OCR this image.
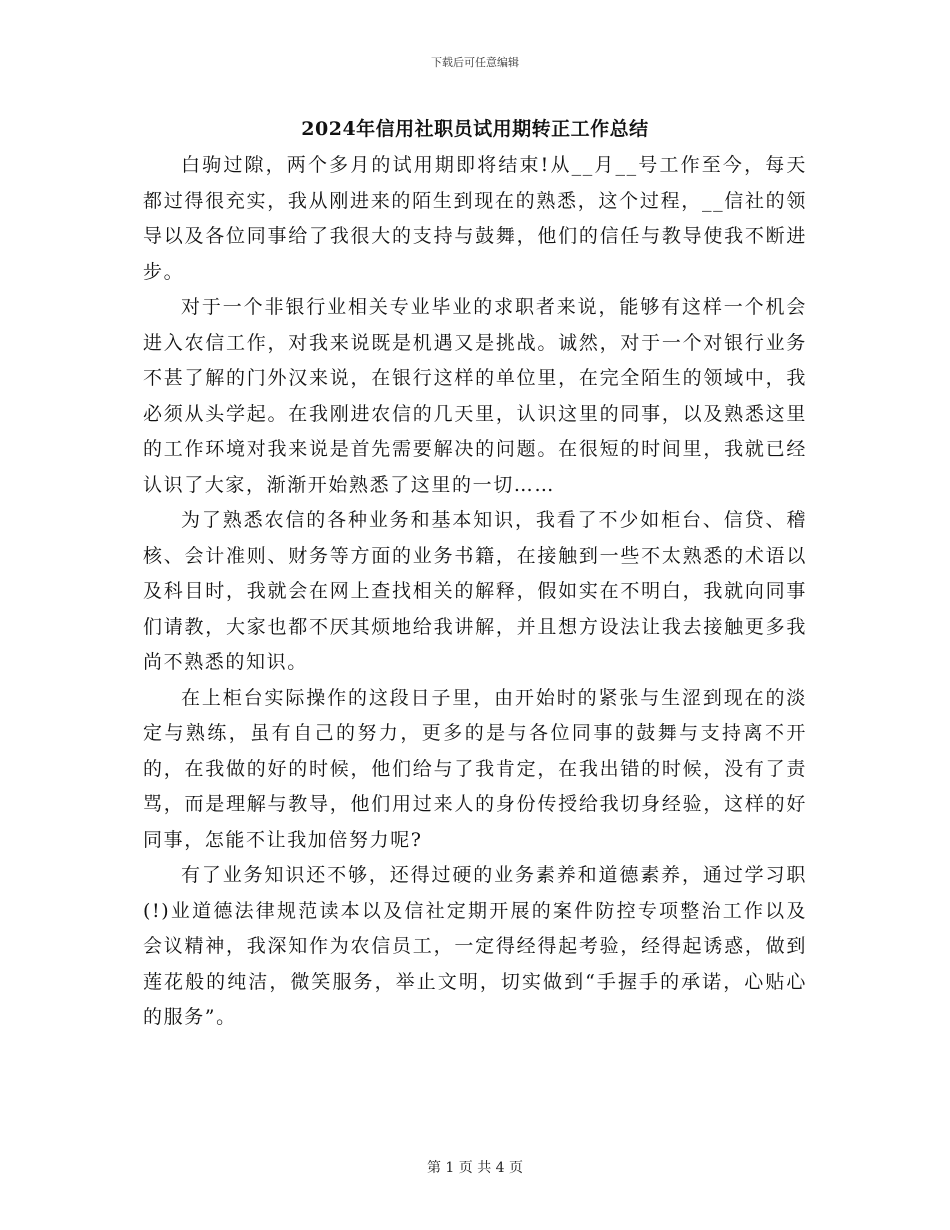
下载后可任意编辑
2024年信用社职员试用期转正工作总结

白驹过隙，两个多月的试用期即将结束!从__月__号工作至今，每天都过得很充实，我从刚进来的陌生到现在的熟悉，这个过程，__信社的领导以及各位同事给了我很大的支持与鼓舞，他们的信任与教导使我不断进步。

对于一个非银行业相关专业毕业的求职者来说，能够有这样一个机会进入农信工作，对我来说既是机遇又是挑战。诚然，对于一个对银行业务不甚了解的门外汉来说，在银行这样的单位里，在完全陌生的领域中，我必须从头学起。在我刚进农信的几天里，认识这里的同事，以及熟悉这里的工作环境对我来说是首先需要解决的问题。在很短的时间里，我就已经认识了大家，渐渐开始熟悉了这里的一切……

为了熟悉农信的各种业务和基本知识，我看了不少如柜台、信贷、稽核、会计准则、财务等方面的业务书籍，在接触到一些不太熟悉的术语以及科目时，我就会在网上查找相关的解释，假如实在不明白，我就向同事们请教，大家也都不厌其烦地给我讲解，并且想方设法让我去接触更多我尚不熟悉的知识。

在上柜台实际操作的这段日子里，由开始时的紧张与生涩到现在的淡定与熟练，虽有自己的努力，更多的是与各位同事的鼓舞与支持离不开的，在我做的好的时候，他们给与了我肯定，在我出错的时候，没有了责骂，而是理解与教导，他们用过来人的身份传授给我切身经验，这样的好同事，怎能不让我加倍努力呢?

有了业务知识还不够，还得过硬的业务素养和道德素养，通过学习职(!)业道德法律规范读本以及信社定期开展的案件防控专项整治工作以及会议精神，我深知作为农信员工，一定得经得起考验，经得起诱惑，做到莲花般的纯洁，微笑服务，举止文明，切实做到“手握手的承诺，心贴心的服务”。

第 1 页 共 4 页
